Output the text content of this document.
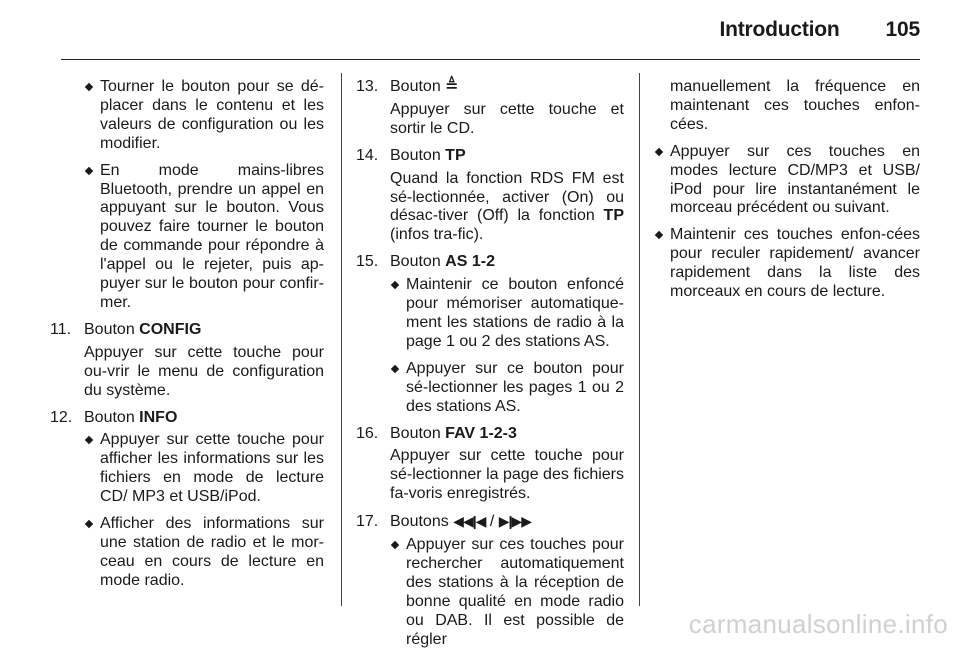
Introduction 105

Tourner le bouton pour se dé-placer dans le contenu et les valeurs de configuration ou les modifier.

En mode mains-libres Bluetooth, prendre un appel en appuyant sur le bouton. Vous pouvez faire tourner le bouton de commande pour répondre à l'appel ou le rejeter, puis ap-puyer sur le bouton pour confir-mer.

11. Bouton CONFIG

Appuyer sur cette touche pour ou-vrir le menu de configuration du système.

12. Bouton INFO

Appuyer sur cette touche pour afficher les informations sur les fichiers en mode de lecture CD/ MP3 et USB/iPod.

Afficher des informations sur une station de radio et le mor-ceau en cours de lecture en mode radio.

13. Bouton ≜

Appuyer sur cette touche et sortir le CD.

14. Bouton TP

Quand la fonction RDS FM est sé-lectionnée, activer (On) ou désac-tiver (Off) la fonction TP (infos tra-fic).

15. Bouton AS 1-2

Maintenir ce bouton enfoncé pour mémoriser automatique-ment les stations de radio à la page 1 ou 2 des stations AS.

Appuyer sur ce bouton pour sé-lectionner les pages 1 ou 2 des stations AS.

16. Bouton FAV 1-2-3

Appuyer sur cette touche pour sé-lectionner la page des fichiers fa-voris enregistrés.

17. Boutons ◀◀|◀ / ▶|▶▶

Appuyer sur ces touches pour rechercher automatiquement des stations à la réception de bonne qualité en mode radio ou DAB. Il est possible de régler

manuellement la fréquence en maintenant ces touches enfon-cées.

Appuyer sur ces touches en modes lecture CD/MP3 et USB/ iPod pour lire instantanément le morceau précédent ou suivant.

Maintenir ces touches enfon-cées pour reculer rapidement/ avancer rapidement dans la liste des morceaux en cours de lecture.

carmanualsonline.info
